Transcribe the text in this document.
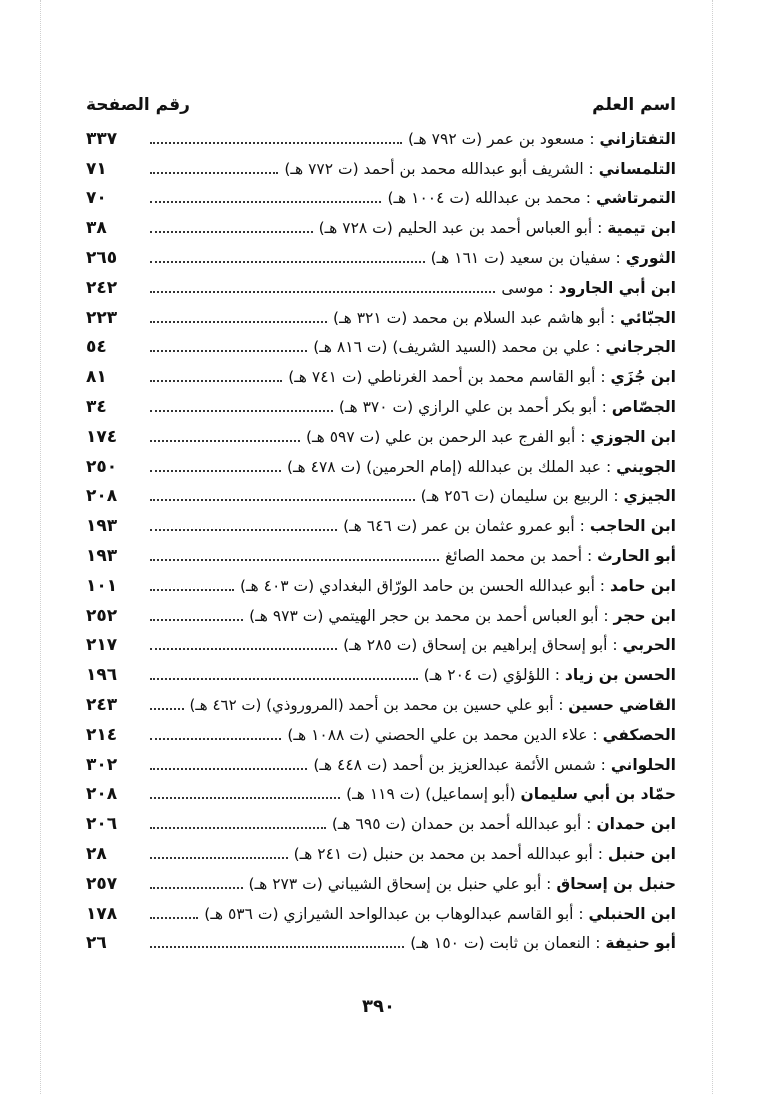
اسم العلم
رقم الصفحة
التفتازاني : مسعود بن عمر (ت ٧٩٢ هـ)
٣٣٧
التلمساني : الشريف أبو عبدالله محمد بن أحمد (ت ٧٧٢ هـ)
٧١
التمرتاشي : محمد بن عبدالله (ت ١٠٠٤ هـ)
٧٠
ابن تيمية : أبو العباس أحمد بن عبد الحليم (ت ٧٢٨ هـ)
٣٨
الثوري : سفيان بن سعيد (ت ١٦١ هـ)
٢٦٥
ابن أبي الجارود : موسى
٢٤٢
الجبّائي : أبو هاشم عبد السلام بن محمد (ت ٣٢١ هـ)
٢٢٣
الجرجاني : علي بن محمد (السيد الشريف) (ت ٨١٦ هـ)
٥٤
ابن جُزَي : أبو القاسم محمد بن أحمد الغرناطي (ت ٧٤١ هـ)
٨١
الجصّاص : أبو بكر أحمد بن علي الرازي (ت ٣٧٠ هـ)
٣٤
ابن الجوزي : أبو الفرج عبد الرحمن بن علي (ت ٥٩٧ هـ)
١٧٤
الجويني : عبد الملك بن عبدالله (إمام الحرمين) (ت ٤٧٨ هـ)
٢٥٠
الجيزي : الربيع بن سليمان (ت ٢٥٦ هـ)
٢٠٨
ابن الحاجب : أبو عمرو عثمان بن عمر (ت ٦٤٦ هـ)
١٩٣
أبو الحارث : أحمد بن محمد الصائغ
١٩٣
ابن حامد : أبو عبدالله الحسن بن حامد الورّاق البغدادي (ت ٤٠٣ هـ)
١٠١
ابن حجر : أبو العباس أحمد بن محمد بن حجر الهيتمي (ت ٩٧٣ هـ)
٢٥٢
الحربي : أبو إسحاق إبراهيم بن إسحاق (ت ٢٨٥ هـ)
٢١٧
الحسن بن زياد : اللؤلؤي (ت ٢٠٤ هـ)
١٩٦
القاضي حسين : أبو علي حسين بن محمد بن أحمد (المروروذي) (ت ٤٦٢ هـ)
٢٤٣
الحصكفي : علاء الدين محمد بن علي الحصني (ت ١٠٨٨ هـ)
٢١٤
الحلواني : شمس الأئمة عبدالعزيز بن أحمد (ت ٤٤٨ هـ)
٣٠٢
حمّاد بن أبي سليمان (أبو إسماعيل) (ت ١١٩ هـ)
٢٠٨
ابن حمدان : أبو عبدالله أحمد بن حمدان (ت ٦٩٥ هـ)
٢٠٦
ابن حنبل : أبو عبدالله أحمد بن محمد بن حنبل (ت ٢٤١ هـ)
٢٨
حنبل بن إسحاق : أبو علي حنبل بن إسحاق الشيباني (ت ٢٧٣ هـ)
٢٥٧
ابن الحنبلي : أبو القاسم عبدالوهاب بن عبدالواحد الشيرازي (ت ٥٣٦ هـ)
١٧٨
أبو حنيفة : النعمان بن ثابت (ت ١٥٠ هـ)
٢٦
٣٩٠
